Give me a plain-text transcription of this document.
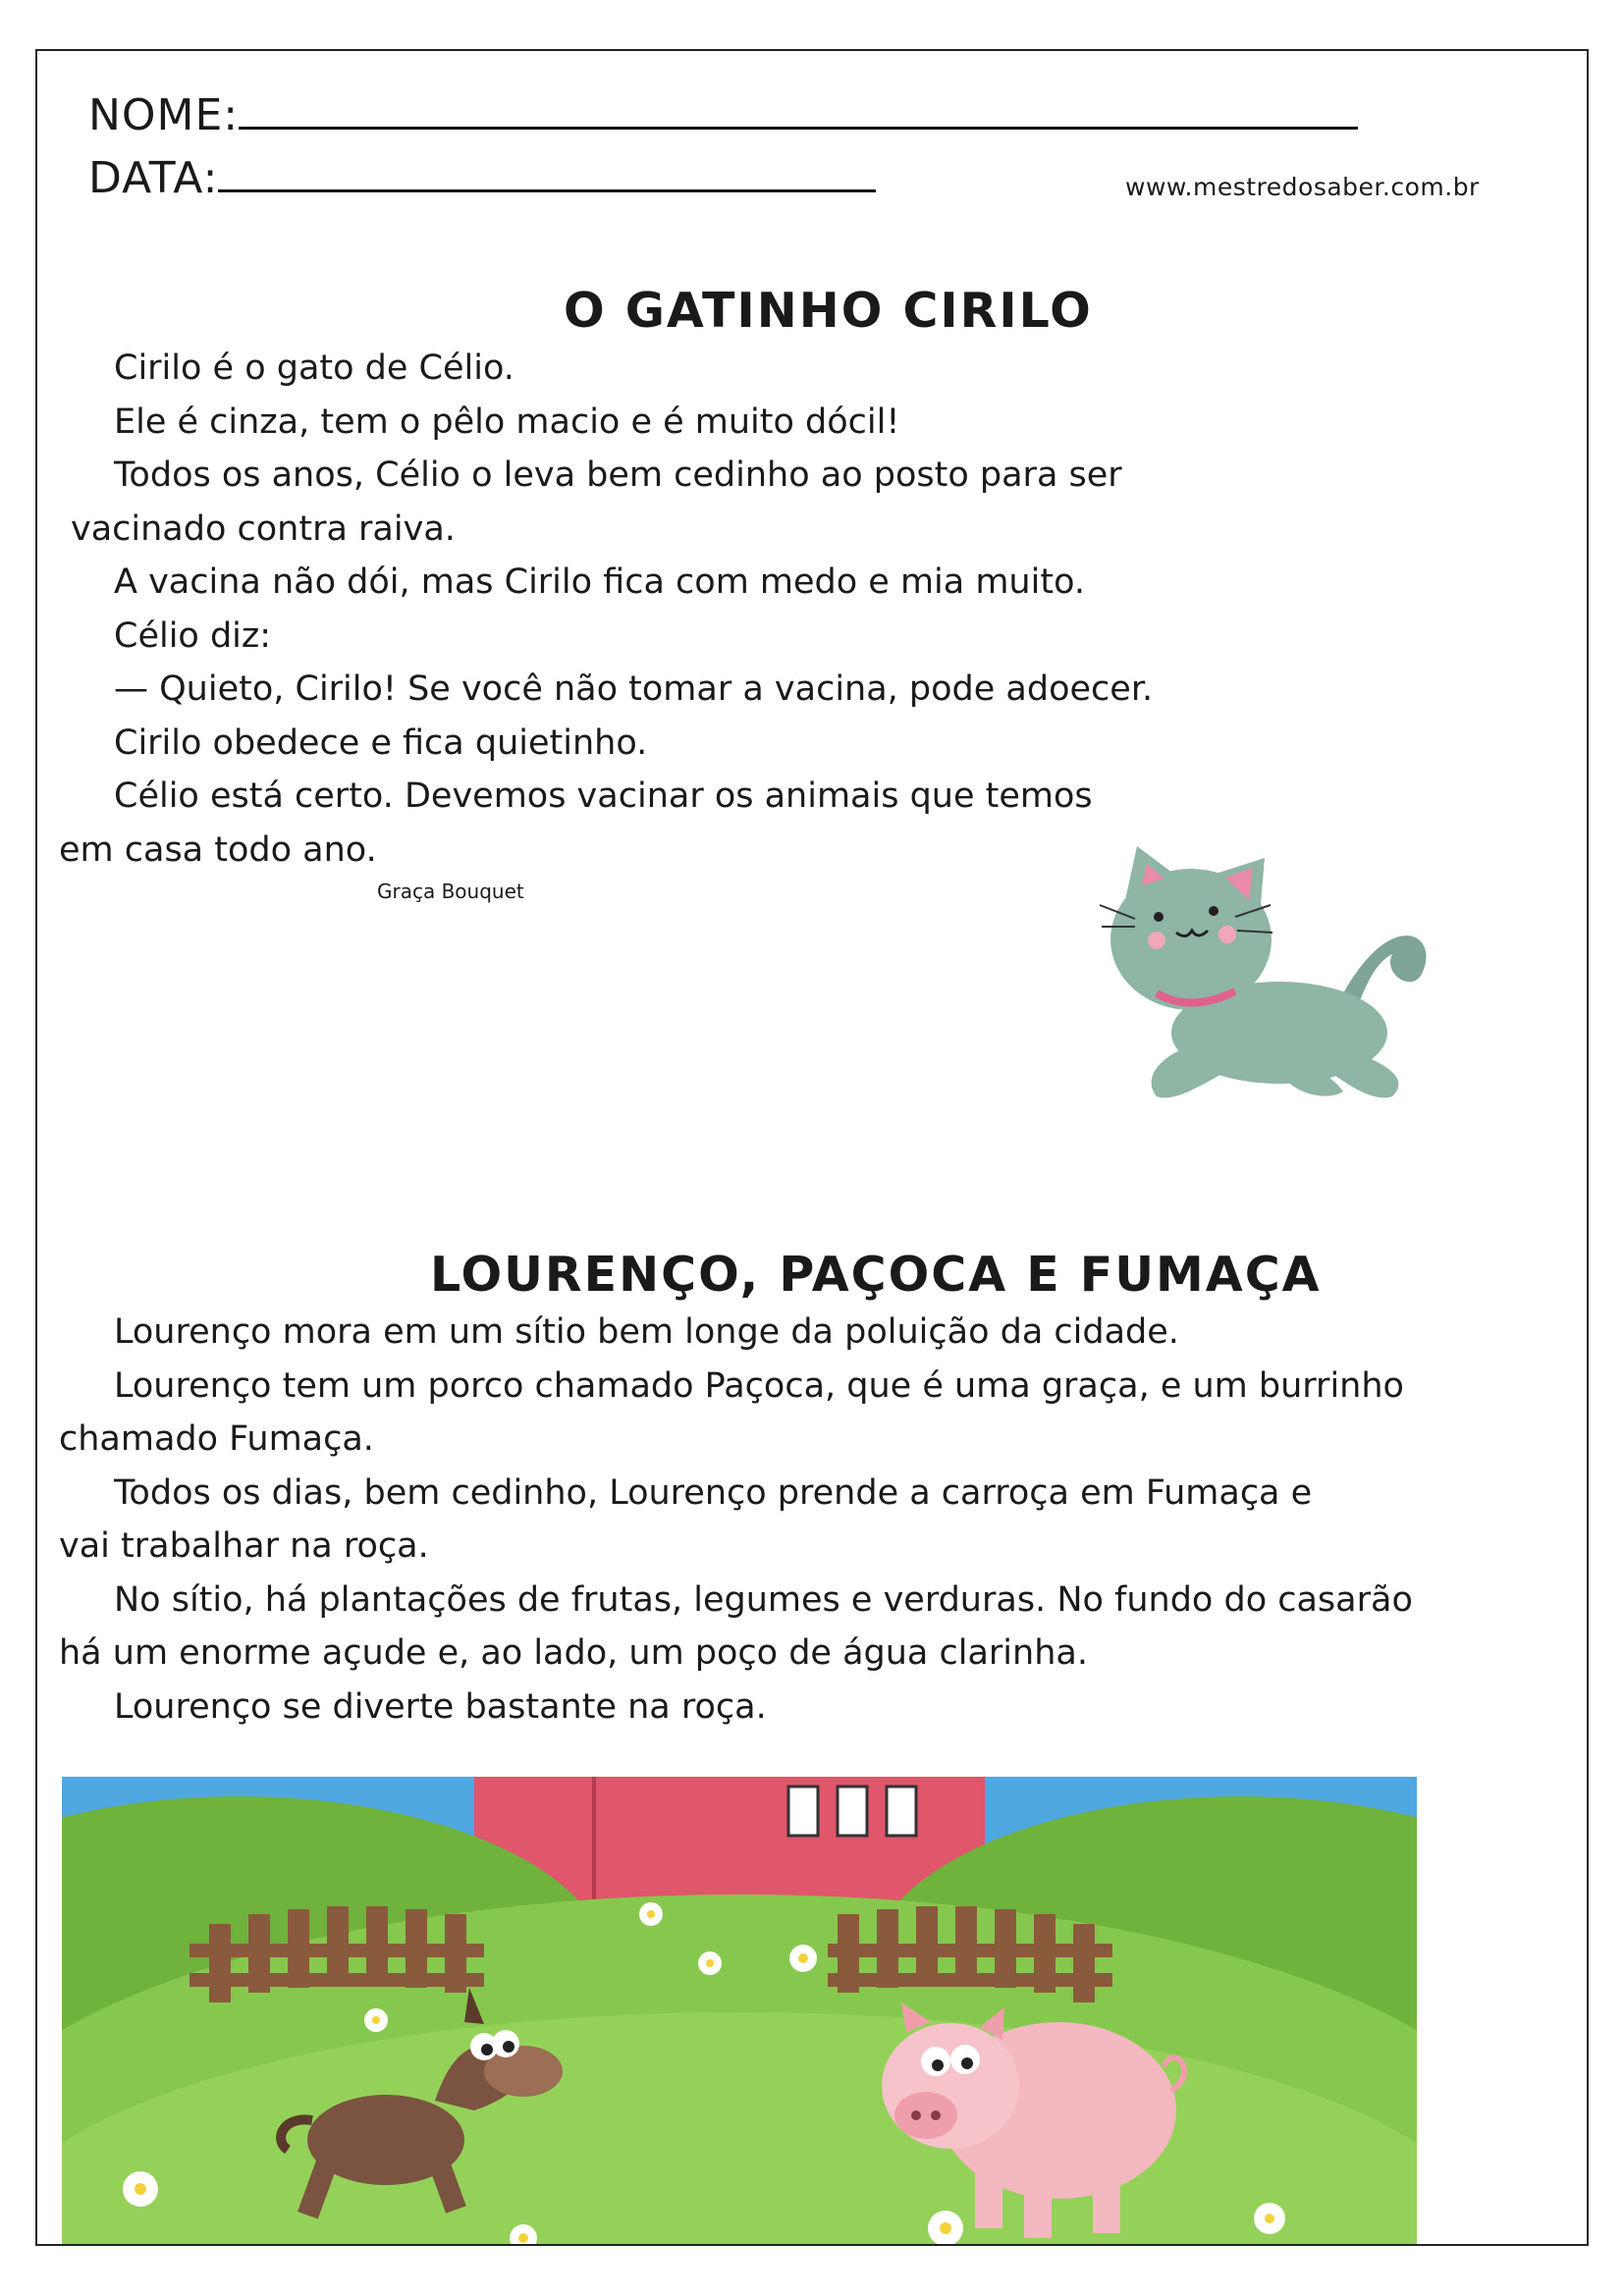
NOME:
DATA:	www.mestredosaber.com.br
O GATINHO CIRILO

Cirilo é o gato de Célio.

Ele é cinza, tem o pêlo macio e é muito dócil!

Todos os anos, Célio o leva bem cedinho ao posto para ser

vacinado contra raiva.

A vacina não dói, mas Cirilo fica com medo e mia muito.

Célio diz:

— Quieto, Cirilo! Se você não tomar a vacina, pode adoecer.

Cirilo obedece e fica quietinho.

Célio está certo. Devemos vacinar os animais que temos

em casa todo ano.

Graça Bouquet
LOURENÇO, PAÇOCA E FUMAÇA

Lourenço mora em um sítio bem longe da poluição da cidade.

Lourenço tem um porco chamado Paçoca, que é uma graça, e um burrinho

chamado Fumaça.

Todos os dias, bem cedinho, Lourenço prende a carroça em Fumaça e

vai trabalhar na roça.

No sítio, há plantações de frutas, legumes e verduras. No fundo do casarão

há um enorme açude e, ao lado, um poço de água clarinha.

Lourenço se diverte bastante na roça.
